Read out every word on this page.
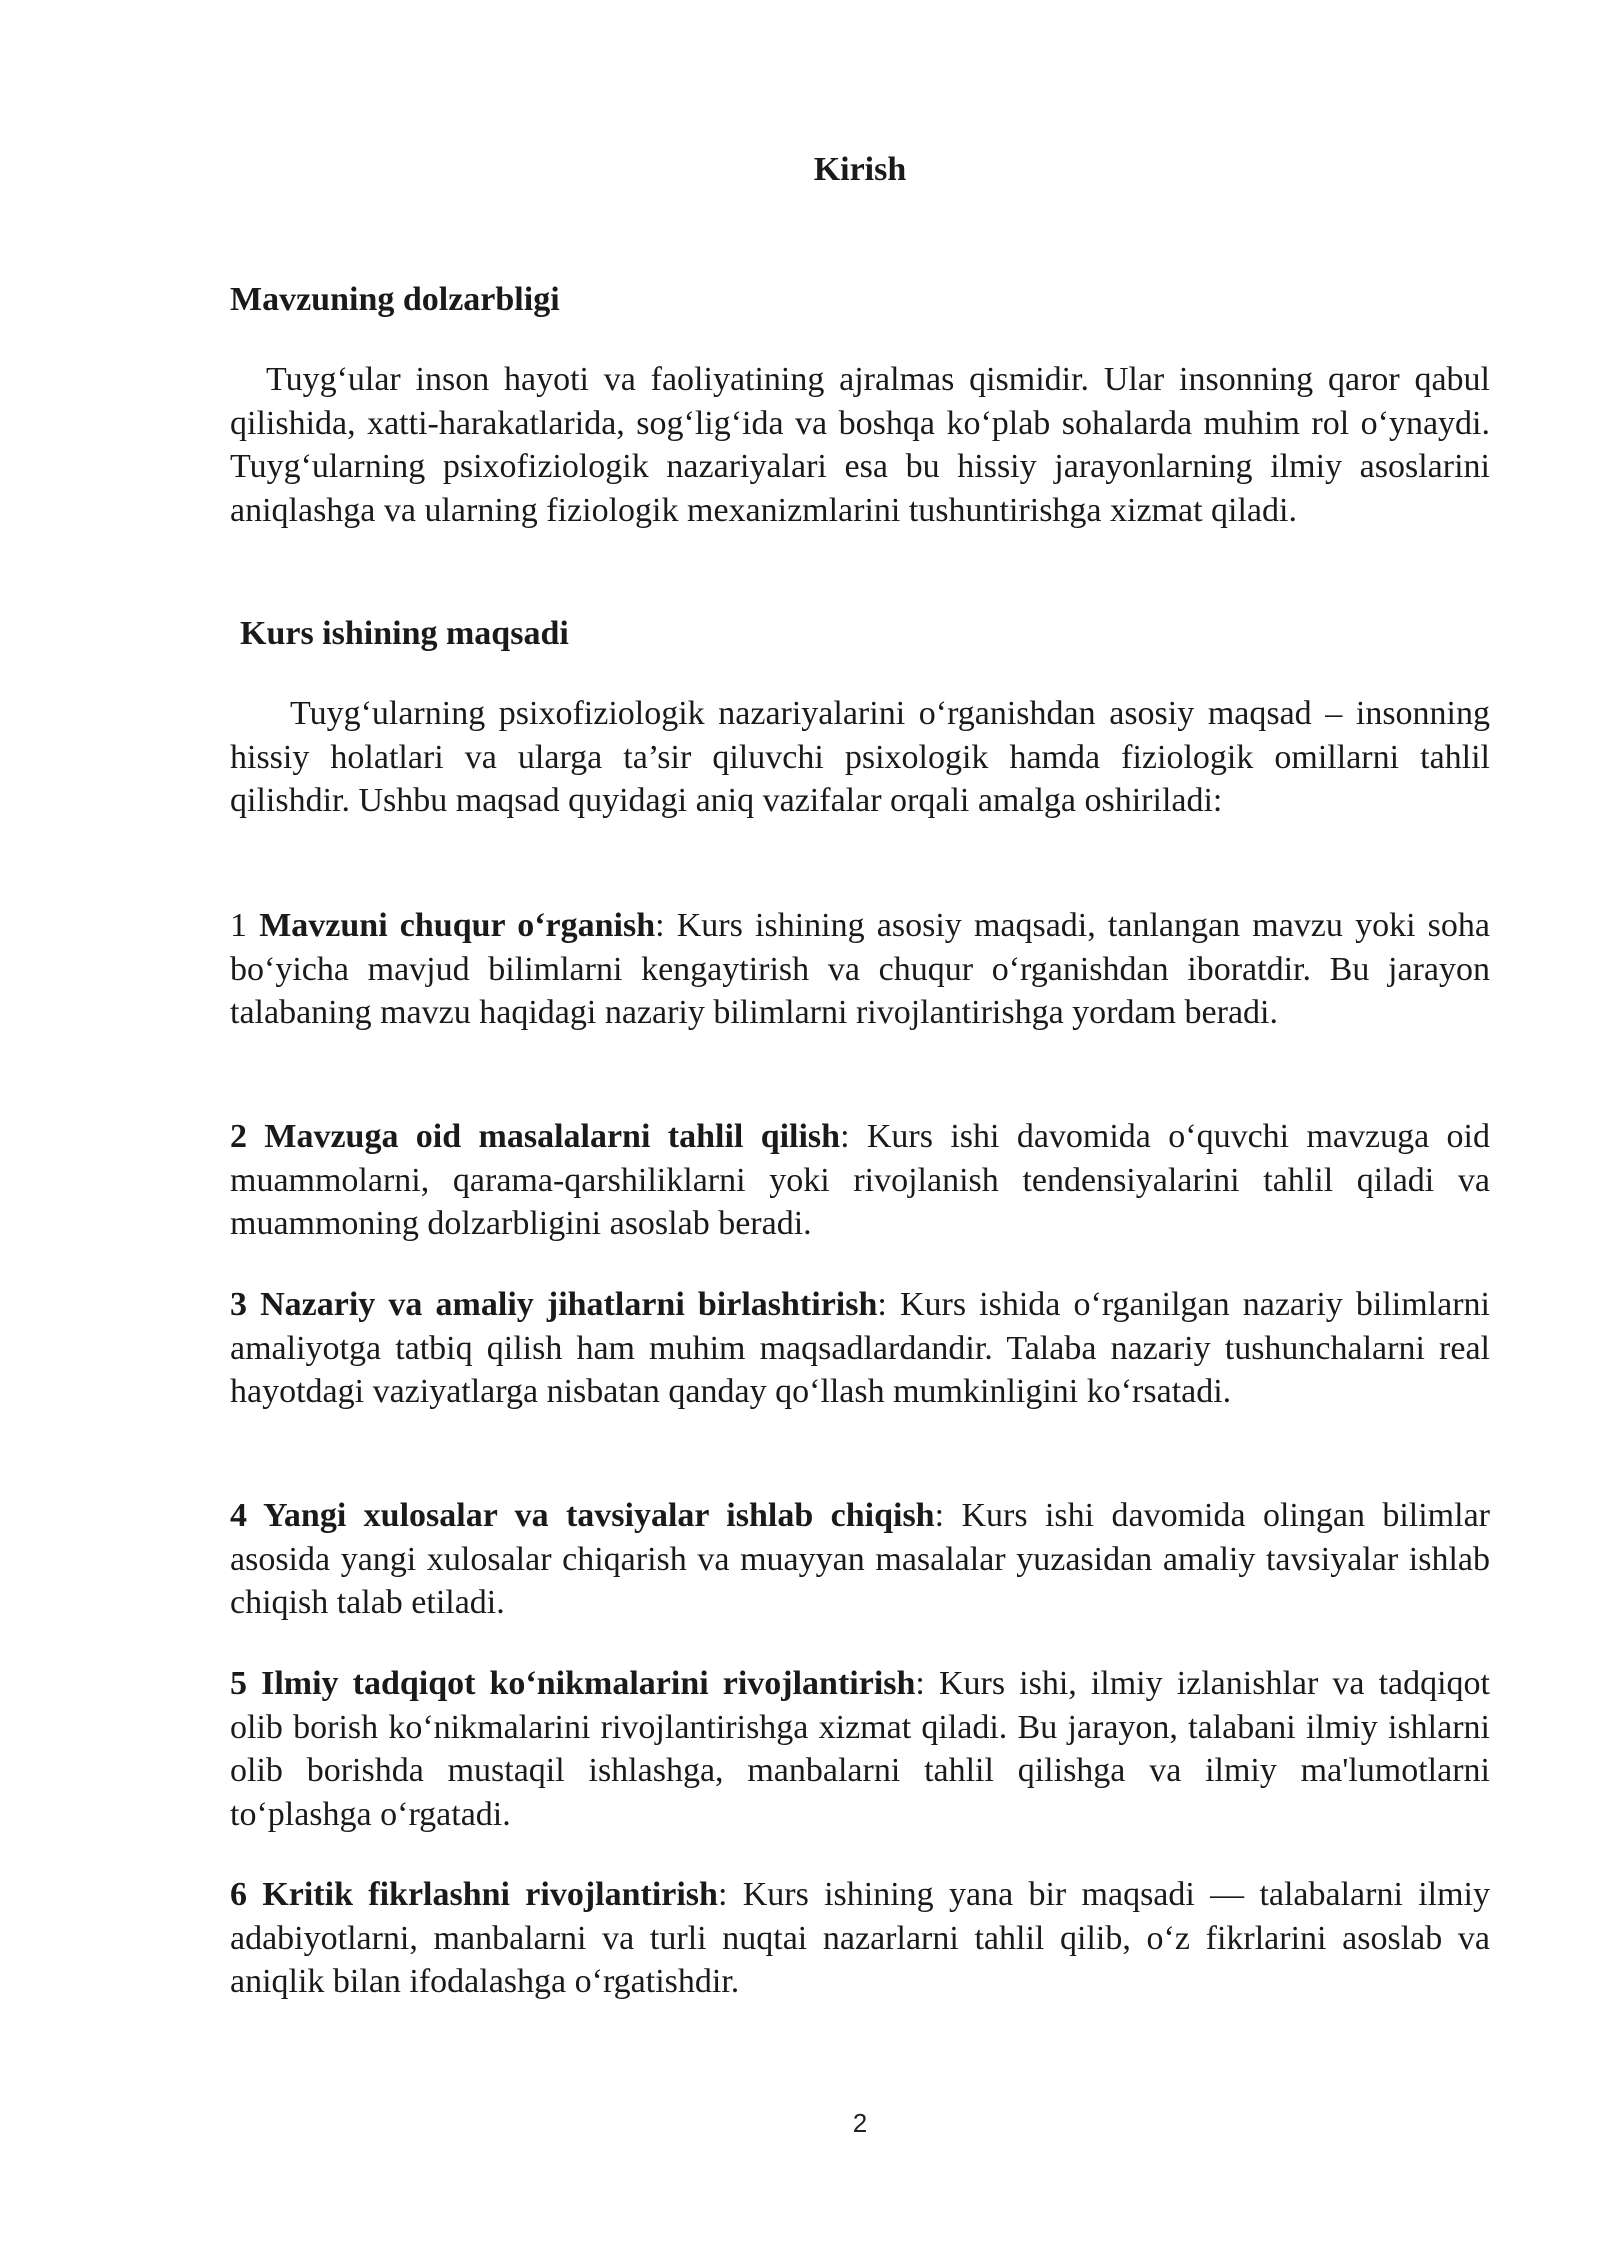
Kirish
Mavzuning dolzarbligi

Tuyg‘ular inson hayoti va faoliyatining ajralmas qismidir. Ular insonning qaror qabul qilishida, xatti-harakatlarida, sog‘lig‘ida va boshqa ko‘plab sohalarda muhim rol o‘ynaydi. Tuyg‘ularning psixofiziologik nazariyalari esa bu hissiy jarayonlarning ilmiy asoslarini aniqlashga va ularning fiziologik mexanizmlarini tushuntirishga xizmat qiladi.

Kurs ishining maqsadi

Tuyg‘ularning psixofiziologik nazariyalarini o‘rganishdan asosiy maqsad – insonning hissiy holatlari va ularga ta’sir qiluvchi psixologik hamda fiziologik omillarni tahlil qilishdir. Ushbu maqsad quyidagi aniq vazifalar orqali amalga oshiriladi:

1 Mavzuni chuqur o‘rganish: Kurs ishining asosiy maqsadi, tanlangan mavzu yoki soha bo‘yicha mavjud bilimlarni kengaytirish va chuqur o‘rganishdan iboratdir. Bu jarayon talabaning mavzu haqidagi nazariy bilimlarni rivojlantirishga yordam beradi.

2 Mavzuga oid masalalarni tahlil qilish: Kurs ishi davomida o‘quvchi mavzuga oid muammolarni, qarama-qarshiliklarni yoki rivojlanish tendensiyalarini tahlil qiladi va muammoning dolzarbligini asoslab beradi.

3 Nazariy va amaliy jihatlarni birlashtirish: Kurs ishida o‘rganilgan nazariy bilimlarni amaliyotga tatbiq qilish ham muhim maqsadlardandir. Talaba nazariy tushunchalarni real hayotdagi vaziyatlarga nisbatan qanday qo‘llash mumkinligini ko‘rsatadi.

4 Yangi xulosalar va tavsiyalar ishlab chiqish: Kurs ishi davomida olingan bilimlar asosida yangi xulosalar chiqarish va muayyan masalalar yuzasidan amaliy tavsiyalar ishlab chiqish talab etiladi.

5 Ilmiy tadqiqot ko‘nikmalarini rivojlantirish: Kurs ishi, ilmiy izlanishlar va tadqiqot olib borish ko‘nikmalarini rivojlantirishga xizmat qiladi. Bu jarayon, talabani ilmiy ishlarni olib borishda mustaqil ishlashga, manbalarni tahlil qilishga va ilmiy ma'lumotlarni to‘plashga o‘rgatadi.

6 Kritik fikrlashni rivojlantirish: Kurs ishining yana bir maqsadi — talabalarni ilmiy adabiyotlarni, manbalarni va turli nuqtai nazarlarni tahlil qilib, o‘z fikrlarini asoslab va aniqlik bilan ifodalashga o‘rgatishdir.

2
